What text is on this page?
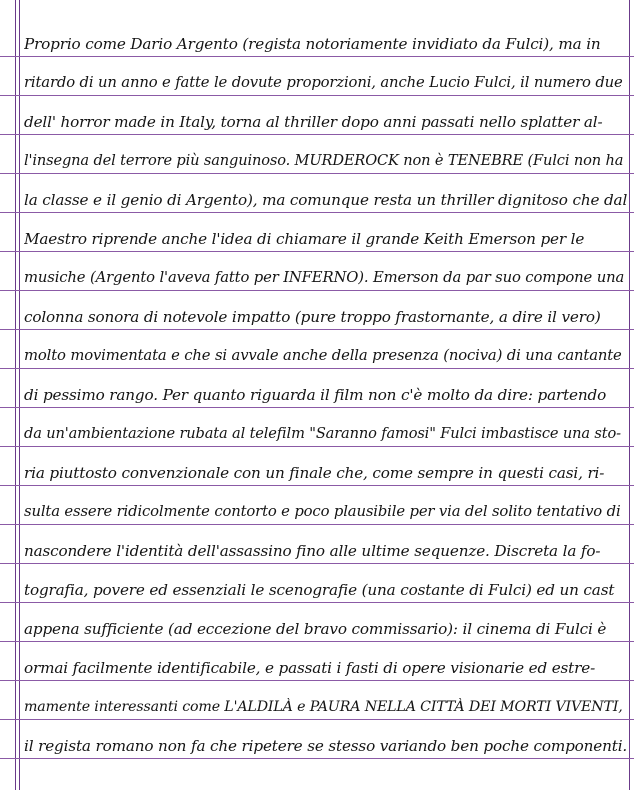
Proprio come Dario Argento (regista notoriamente invidiato da Fulci), ma in
ritardo di un anno e fatte le dovute proporzioni, anche Lucio Fulci, il numero due
dell' horror made in Italy, torna al thriller dopo anni passati nello splatter al-
l'insegna del terrore più sanguinoso. MURDEROCK non è TENEBRE (Fulci non ha
la classe e il genio di Argento), ma comunque resta un thriller dignitoso che dal
Maestro riprende anche l'idea di chiamare il grande Keith Emerson per le
musiche (Argento l'aveva fatto per INFERNO). Emerson da par suo compone una
colonna sonora di notevole impatto (pure troppo frastornante, a dire il vero)
molto movimentata e che si avvale anche della presenza (nociva) di una cantante
di pessimo rango. Per quanto riguarda il film non c'è molto da dire: partendo
da un'ambientazione rubata al telefilm "Saranno famosi" Fulci imbastisce una sto-
ria piuttosto convenzionale con un finale che, come sempre in questi casi, ri-
sulta essere ridicolmente contorto e poco plausibile per via del solito tentativo di
nascondere l'identità dell'assassino fino alle ultime sequenze. Discreta la fo-
tografia, povere ed essenziali le scenografie (una costante di Fulci) ed un cast
appena sufficiente (ad eccezione del bravo commissario): il cinema di Fulci è
ormai facilmente identificabile, e passati i fasti di opere visionarie ed estre-
mamente interessanti come L'ALDILÀ e PAURA NELLA CITTÀ DEI MORTI VIVENTI,
il regista romano non fa che ripetere se stesso variando ben poche componenti.
